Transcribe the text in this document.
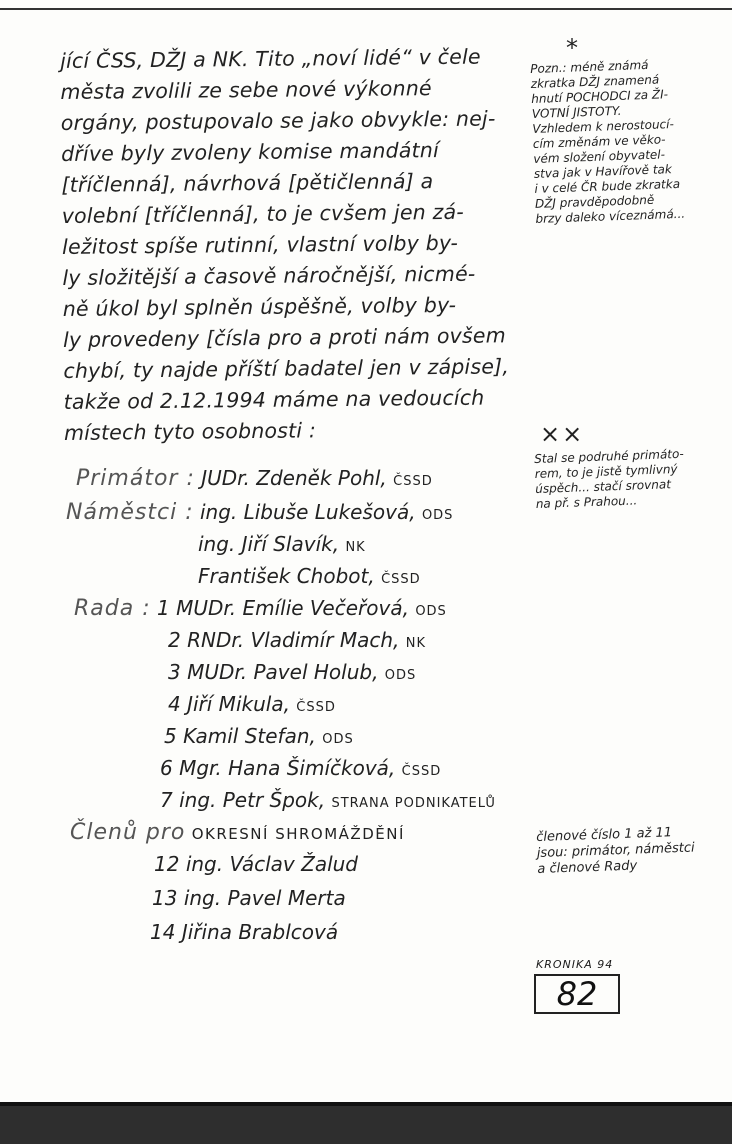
jící ČSS, DŽJ a NK. Tito „noví lidé“ v čele

města zvolili ze sebe nové výkonné

orgány, postupovalo se jako obvykle: nej-

dříve byly zvoleny komise mandátní

[tříčlenná], návrhová [pětičlenná] a

volební [tříčlenná], to je cvšem jen zá-

ležitost spíše rutinní, vlastní volby by-

ly složitější a časově náročnější, nicmé-

ně úkol byl splněn úspěšně, volby by-

ly provedeny [čísla pro a proti nám ovšem

chybí, ty najde příští badatel jen v zápise],

takže od 2.12.1994 máme na vedoucích

místech tyto osobnosti :

Primátor : JUDr. Zdeněk Pohl, ČSSD
Náměstci : ing. Libuše Lukešová, ODS
ing. Jiří Slavík, NK
František Chobot, ČSSD
Rada : 1 MUDr. Emílie Večeřová, ODS
2 RNDr. Vladimír Mach, NK
3 MUDr. Pavel Holub, ODS
4 Jiří Mikula, ČSSD
5 Kamil Stefan, ODS
6 Mgr. Hana Šimíčková, ČSSD
7 ing. Petr Špok, STRANA PODNIKATELŮ
Členů pro OKRESNÍ SHROMÁŽDĚNÍ
12 ing. Václav Žalud
13 ing. Pavel Merta
14 Jiřina Brablcová
*
Pozn.: méně známá
zkratka DŽJ znamená
hnutí POCHODCI za ŽI-
VOTNÍ JISTOTY.
Vzhledem k nerostoucí-
cím změnám ve věko-
vém složení obyvatel-
stva jak v Havířově tak
i v celé ČR bude zkratka
DŽJ pravděpodobně
brzy daleko víceznámá...
××
Stal se podruhé primáto-
rem, to je jistě tymlivný
úspěch... stačí srovnat
na př. s Prahou...
členové číslo 1 až 11
jsou: primátor, náměstci
a členové Rady
KRONIKA 94
82
